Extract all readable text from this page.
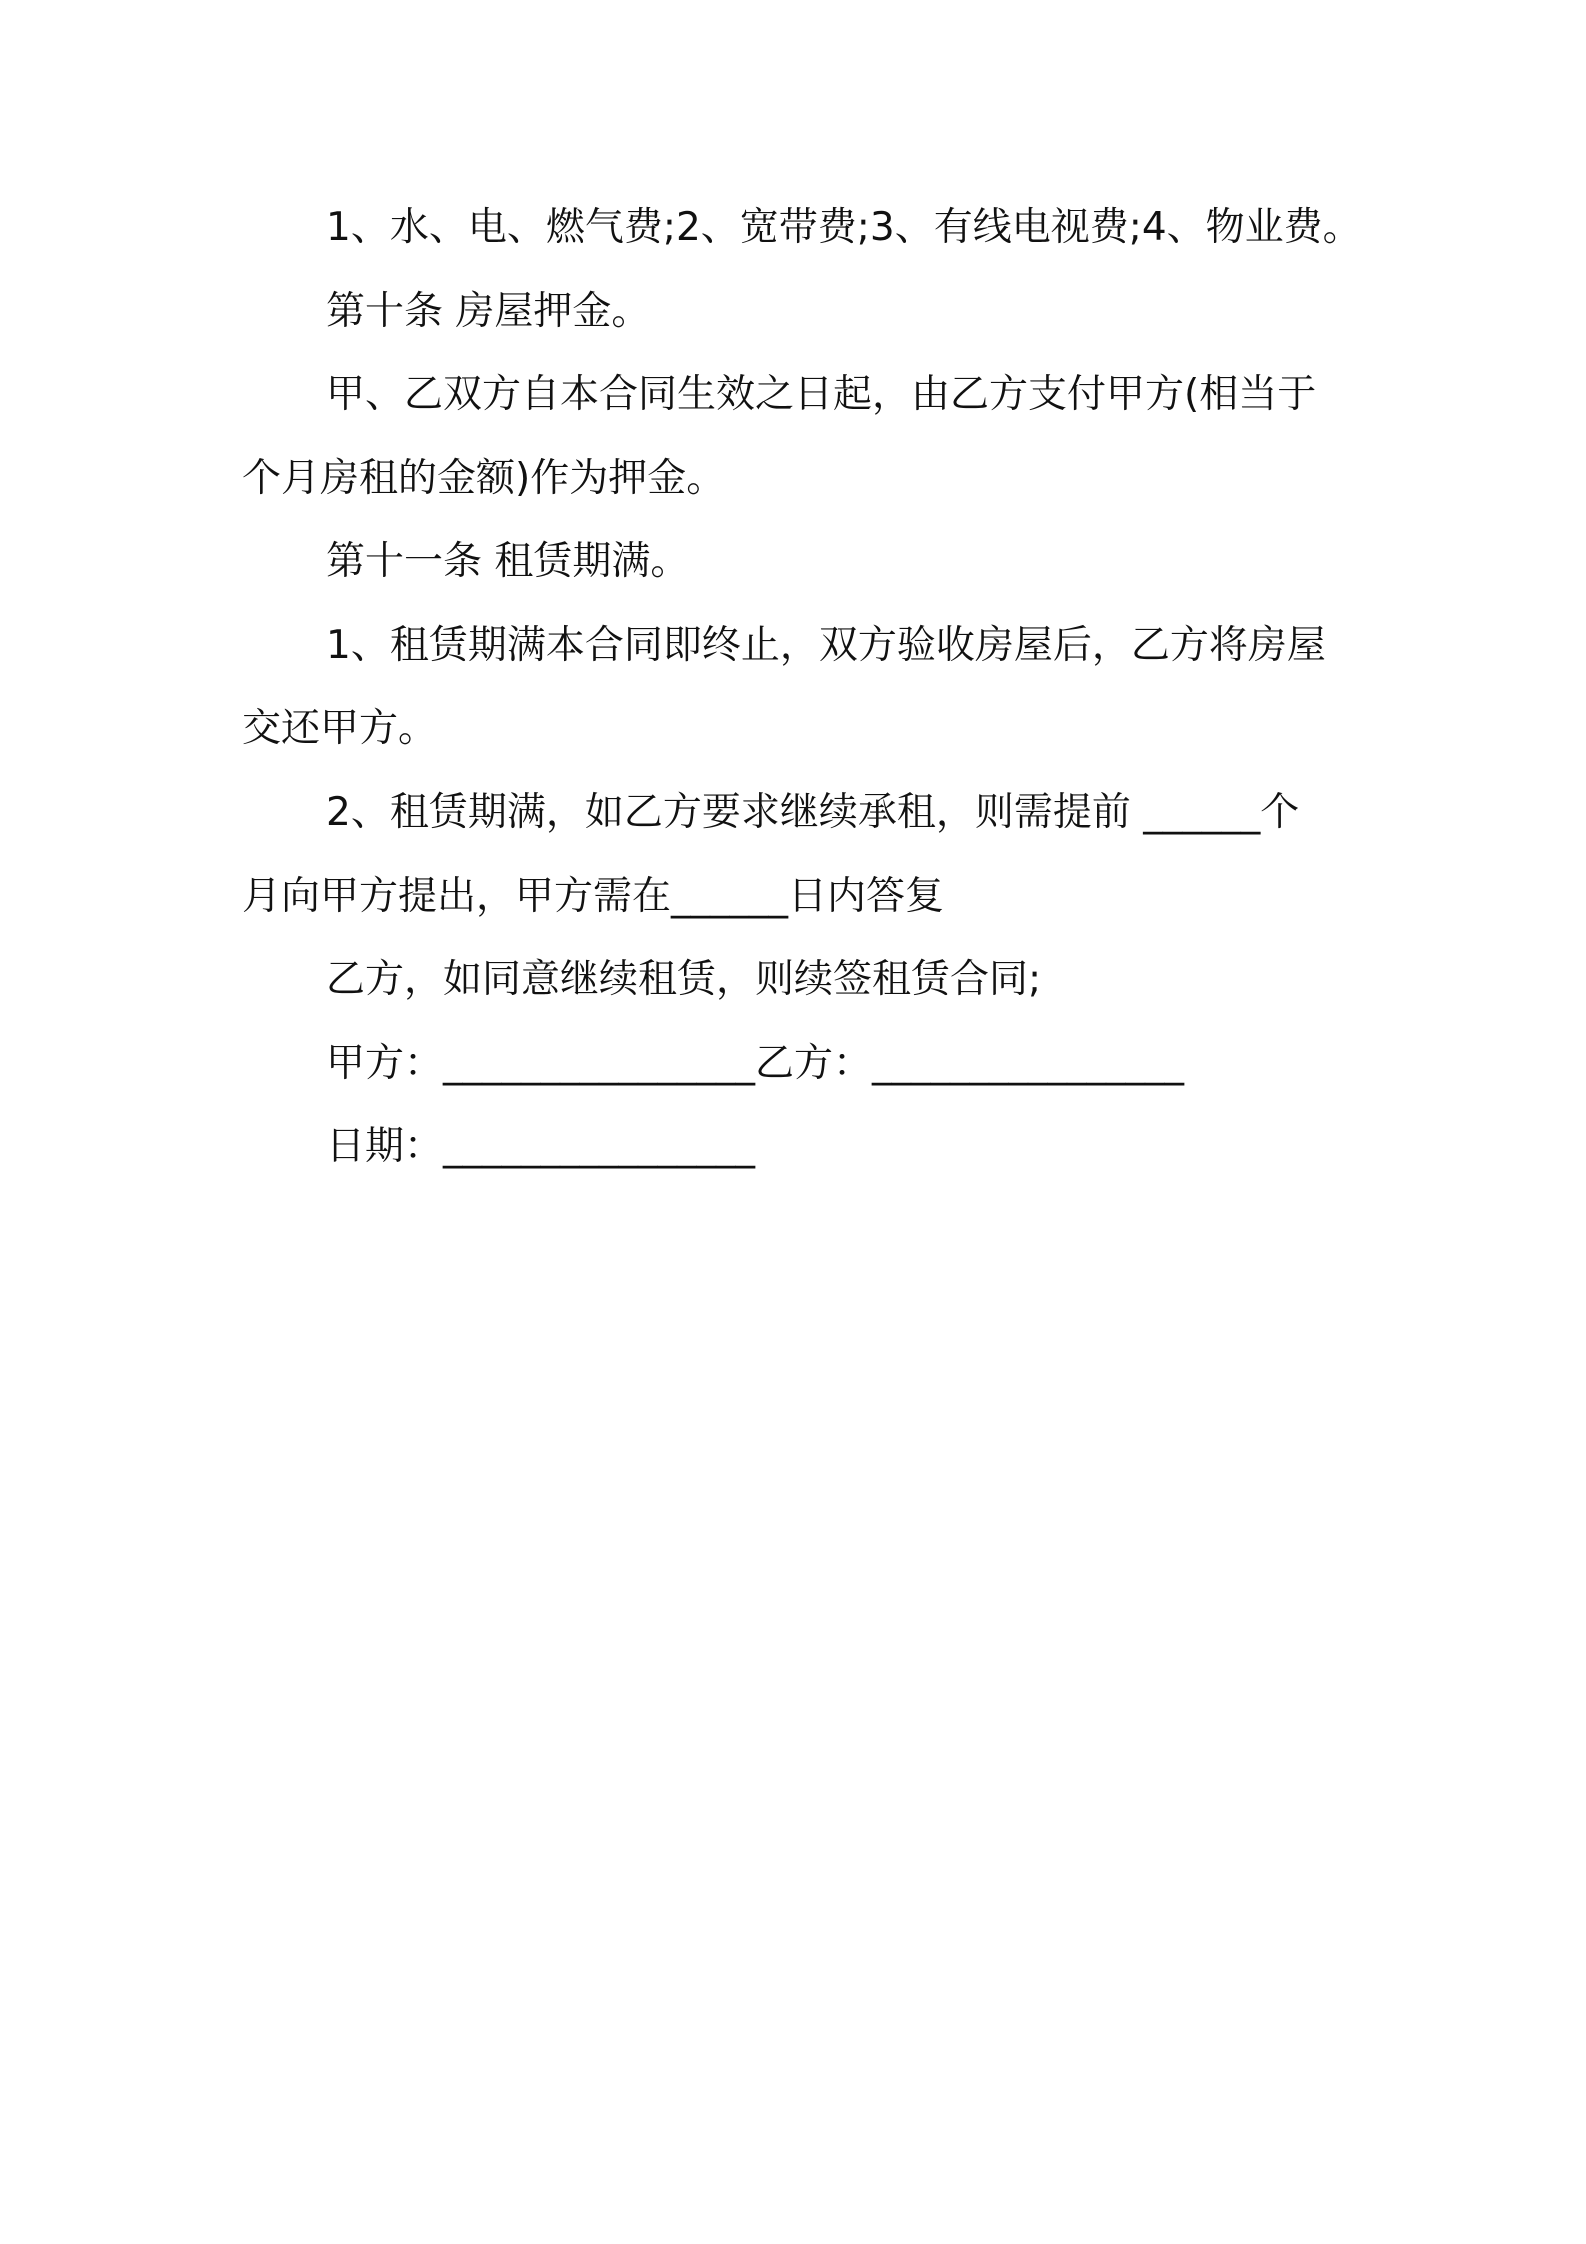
1、水、电、燃气费;2、宽带费;3、有线电视费;4、物业费。
第十条 房屋押金。
甲、乙双方自本合同生效之日起，由乙方支付甲方(相当于
个月房租的金额)作为押金。
第十一条 租赁期满。
1、租赁期满本合同即终止，双方验收房屋后，乙方将房屋
交还甲方。
2、租赁期满，如乙方要求继续承租，则需提前 ______个
月向甲方提出，甲方需在______日内答复
乙方，如同意继续租赁，则续签租赁合同;
甲方：________________乙方：________________
日期：________________
